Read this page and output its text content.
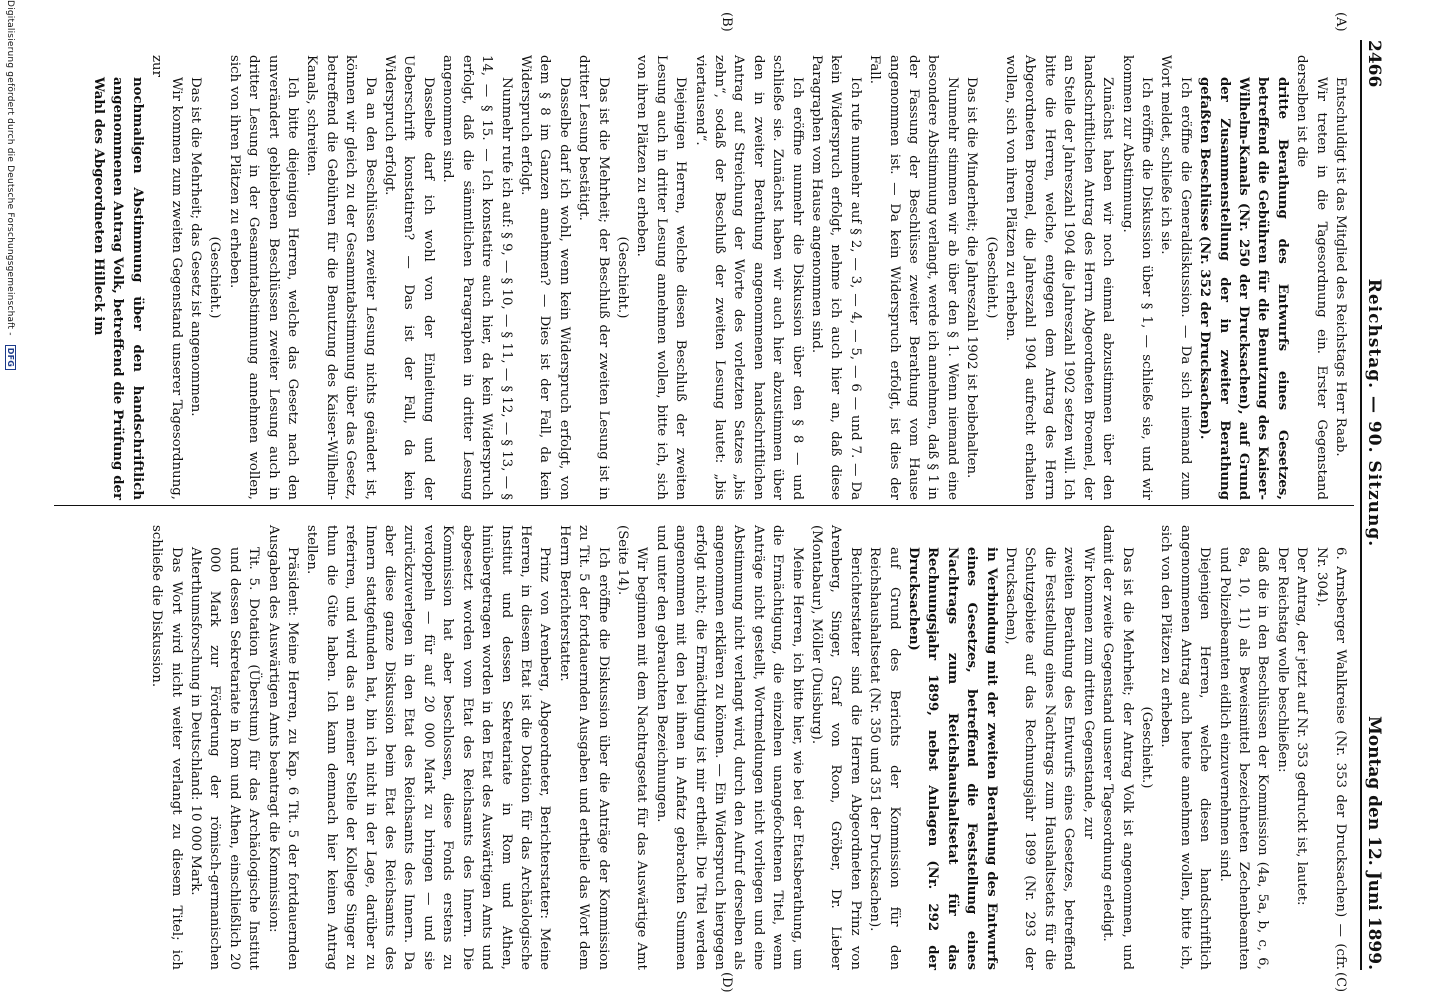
2466
Reichstag. — 90. Sitzung.
Montag den 12. Juni 1899.
(A)
(B)
(C)
(D)

Entschuldigt ist das Mitglied des Reichstags Herr Raab.

Wir treten in die Tagesordnung ein. Erster Gegenstand derselben ist die

dritte Berathung des Entwurfs eines Gesetzes, betreffend die Gebühren für die Benutzung des Kaiser-Wilhelm-Kanals (Nr. 250 der Drucksachen), auf Grund der Zusammenstellung der in zweiter Berathung gefaßten Beschlüsse (Nr. 352 der Drucksachen).

Ich eröffne die Generaldiskussion. — Da sich niemand zum Wort meldet, schließe ich sie.

Ich eröffne die Diskussion über § 1, — schließe sie, und wir kommen zur Abstimmung.

Zunächst haben wir noch einmal abzustimmen über den handschriftlichen Antrag des Herrn Abgeordneten Broemel, der an Stelle der Jahreszahl 1904 die Jahreszahl 1902 setzen will. Ich bitte die Herren, welche, entgegen dem Antrag des Herrn Abgeordneten Broemel, die Jahreszahl 1904 aufrecht erhalten wollen, sich von ihren Plätzen zu erheben.

(Geschieht.)

Das ist die Minderheit; die Jahreszahl 1902 ist beibehalten.

Nunmehr stimmen wir ab über den § 1. Wenn niemand eine besondere Abstimmung verlangt, werde ich annehmen, daß § 1 in der Fassung der Beschlüsse zweiter Berathung vom Hause angenommen ist. — Da kein Widerspruch erfolgt, ist dies der Fall.

Ich rufe nunmehr auf § 2, — 3, — 4, — 5, — 6 — und 7. — Da kein Widerspruch erfolgt, nehme ich auch hier an, daß diese Paragraphen vom Hause angenommen sind.

Ich eröffne nunmehr die Diskussion über den § 8 — und schließe sie. Zunächst haben wir auch hier abzustimmen über den in zweiter Berathung angenommenen handschriftlichen Antrag auf Streichung der Worte des vorletzten Satzes „bis zehn“, sodaß der Beschluß der zweiten Lesung lautet: „bis viertausend“.

Diejenigen Herren, welche diesen Beschluß der zweiten Lesung auch in dritter Lesung annehmen wollen, bitte ich, sich von ihren Plätzen zu erheben.

(Geschieht.)

Das ist die Mehrheit; der Beschluß der zweiten Lesung ist in dritter Lesung bestätigt.

Dasselbe darf ich wohl, wenn kein Widerspruch erfolgt, von dem § 8 im Ganzen annehmen? — Dies ist der Fall, da kein Widerspruch erfolgt.

Nunmehr rufe ich auf: § 9, — § 10, — § 11, — § 12, — § 13, — § 14, — § 15. — Ich konstatire auch hier, da kein Widerspruch erfolgt, daß die sämmtlichen Paragraphen in dritter Lesung angenommen sind.

Dasselbe darf ich wohl von der Einleitung und der Ueberschrift konstatiren? — Das ist der Fall, da kein Widerspruch erfolgt.

Da an den Beschlüssen zweiter Lesung nichts geändert ist, können wir gleich zu der Gesammtabstimmung über das Gesetz, betreffend die Gebühren für die Benutzung des Kaiser-Wilhelm-Kanals, schreiten.

Ich bitte diejenigen Herren, welche das Gesetz nach den unverändert gebliebenen Beschlüssen zweiter Lesung auch in dritter Lesung in der Gesammtabstimmung annehmen wollen, sich von ihren Plätzen zu erheben.

(Geschieht.)

Das ist die Mehrheit; das Gesetz ist angenommen.

Wir kommen zum zweiten Gegenstand unserer Tagesordnung, zur

nochmaligen Abstimmung über den handschriftlich angenommenen Antrag Volk, betreffend die Prüfung der Wahl des Abgeordneten Hilleck im

6. Arnsberger Wahlkreise (Nr. 353 der Drucksachen) — (cfr. Nr. 304).

Der Antrag, der jetzt auf Nr. 353 gedruckt ist, lautet:

Der Reichstag wolle beschließen:

daß die in den Beschlüssen der Kommission (4a, 5a, b, c, 6, 8a, 10, 11) als Beweismittel bezeichneten Zechenbeamten und Polizeibeamten eidlich einzuvernehmen sind.

Diejenigen Herren, welche diesen handschriftlich angenommenen Antrag auch heute annehmen wollen, bitte ich, sich von den Plätzen zu erheben.

(Geschieht.)

Das ist die Mehrheit; der Antrag Volk ist angenommen, und damit der zweite Gegenstand unserer Tagesordnung erledigt.

Wir kommen zum dritten Gegenstande, zur

zweiten Berathung des Entwurfs eines Gesetzes, betreffend die Feststellung eines Nachtrags zum Haushaltsetats für die Schutzgebiete auf das Rechnungsjahr 1899 (Nr. 293 der Drucksachen),

in Verbindung mit der zweiten Berathung des Entwurfs eines Gesetzes, betreffend die Feststellung eines Nachtrags zum Reichshaushaltsetat für das Rechnungsjahr 1899, nebst Anlagen (Nr. 292 der Drucksachen)

auf Grund des Berichts der Kommission für den Reichshaushaltsetat (Nr. 350 und 351 der Drucksachen).

Berichterstatter sind die Herren Abgeordneten Prinz von Arenberg, Singer, Graf von Roon, Gröber, Dr. Lieber (Montabaur), Möller (Duisburg).

Meine Herren, ich bitte hier, wie bei der Etatsberathung, um die Ermächtigung, die einzelnen unangefochtenen Titel, wenn Anträge nicht gestellt, Wortmeldungen nicht vorliegen und eine Abstimmung nicht verlangt wird, durch den Aufruf derselben als angenommen erklären zu können. — Ein Widerspruch hiergegen erfolgt nicht; die Ermächtigung ist mir ertheilt. Die Titel werden angenommen mit den bei ihnen in Anfatz gebrachten Summen und unter den gebrauchten Bezeichnungen.

Wir beginnen mit dem Nachtragsetat für das Auswärtige Amt (Seite 14).

Ich eröffne die Diskussion über die Anträge der Kommission zu Tit. 5 der fortdauernden Ausgaben und ertheile das Wort dem Herrn Berichterstatter.

Prinz von Arenberg, Abgeordneter, Berichterstatter: Meine Herren, in diesem Etat ist die Dotation für das Archäologische Institut und dessen Sekretariate in Rom und Athen, hinübergetragen worden in den Etat des Auswärtigen Amts und abgesetzt worden vom Etat des Reichsamts des Innern. Die Kommission hat aber beschlossen, diese Fonds erstens zu verdoppeln — für auf 20 000 Mark zu bringen — und sie zurückzuverlegen in den Etat des Reichsamts des Innern. Da aber diese ganze Diskussion beim Etat des Reichsamts des Innern stattgefunden hat, bin ich nicht in der Lage, darüber zu referiren, und wird das an meiner Stelle der Kollege Singer zu thun die Güte haben. Ich kann demnach hier keinen Antrag stellen.

Präsident: Meine Herren, zu Kap. 6 Tit. 5 der fortdauernden Ausgaben des Auswärtigen Amts beantragt die Kommission:

Tit. 5. Dotation (Überstum) für das Archäologische Institut und dessen Sekretariate in Rom und Athen, einschließlich 20 000 Mark zur Förderung der römisch-germanischen Alterthumsforschung in Deutschland: 10 000 Mark.

Das Wort wird nicht weiter verlangt zu diesem Titel; ich schließe die Diskussion.

Digitalisierung gefördert durch die Deutsche Forschungsgemeinschaft - DFG
